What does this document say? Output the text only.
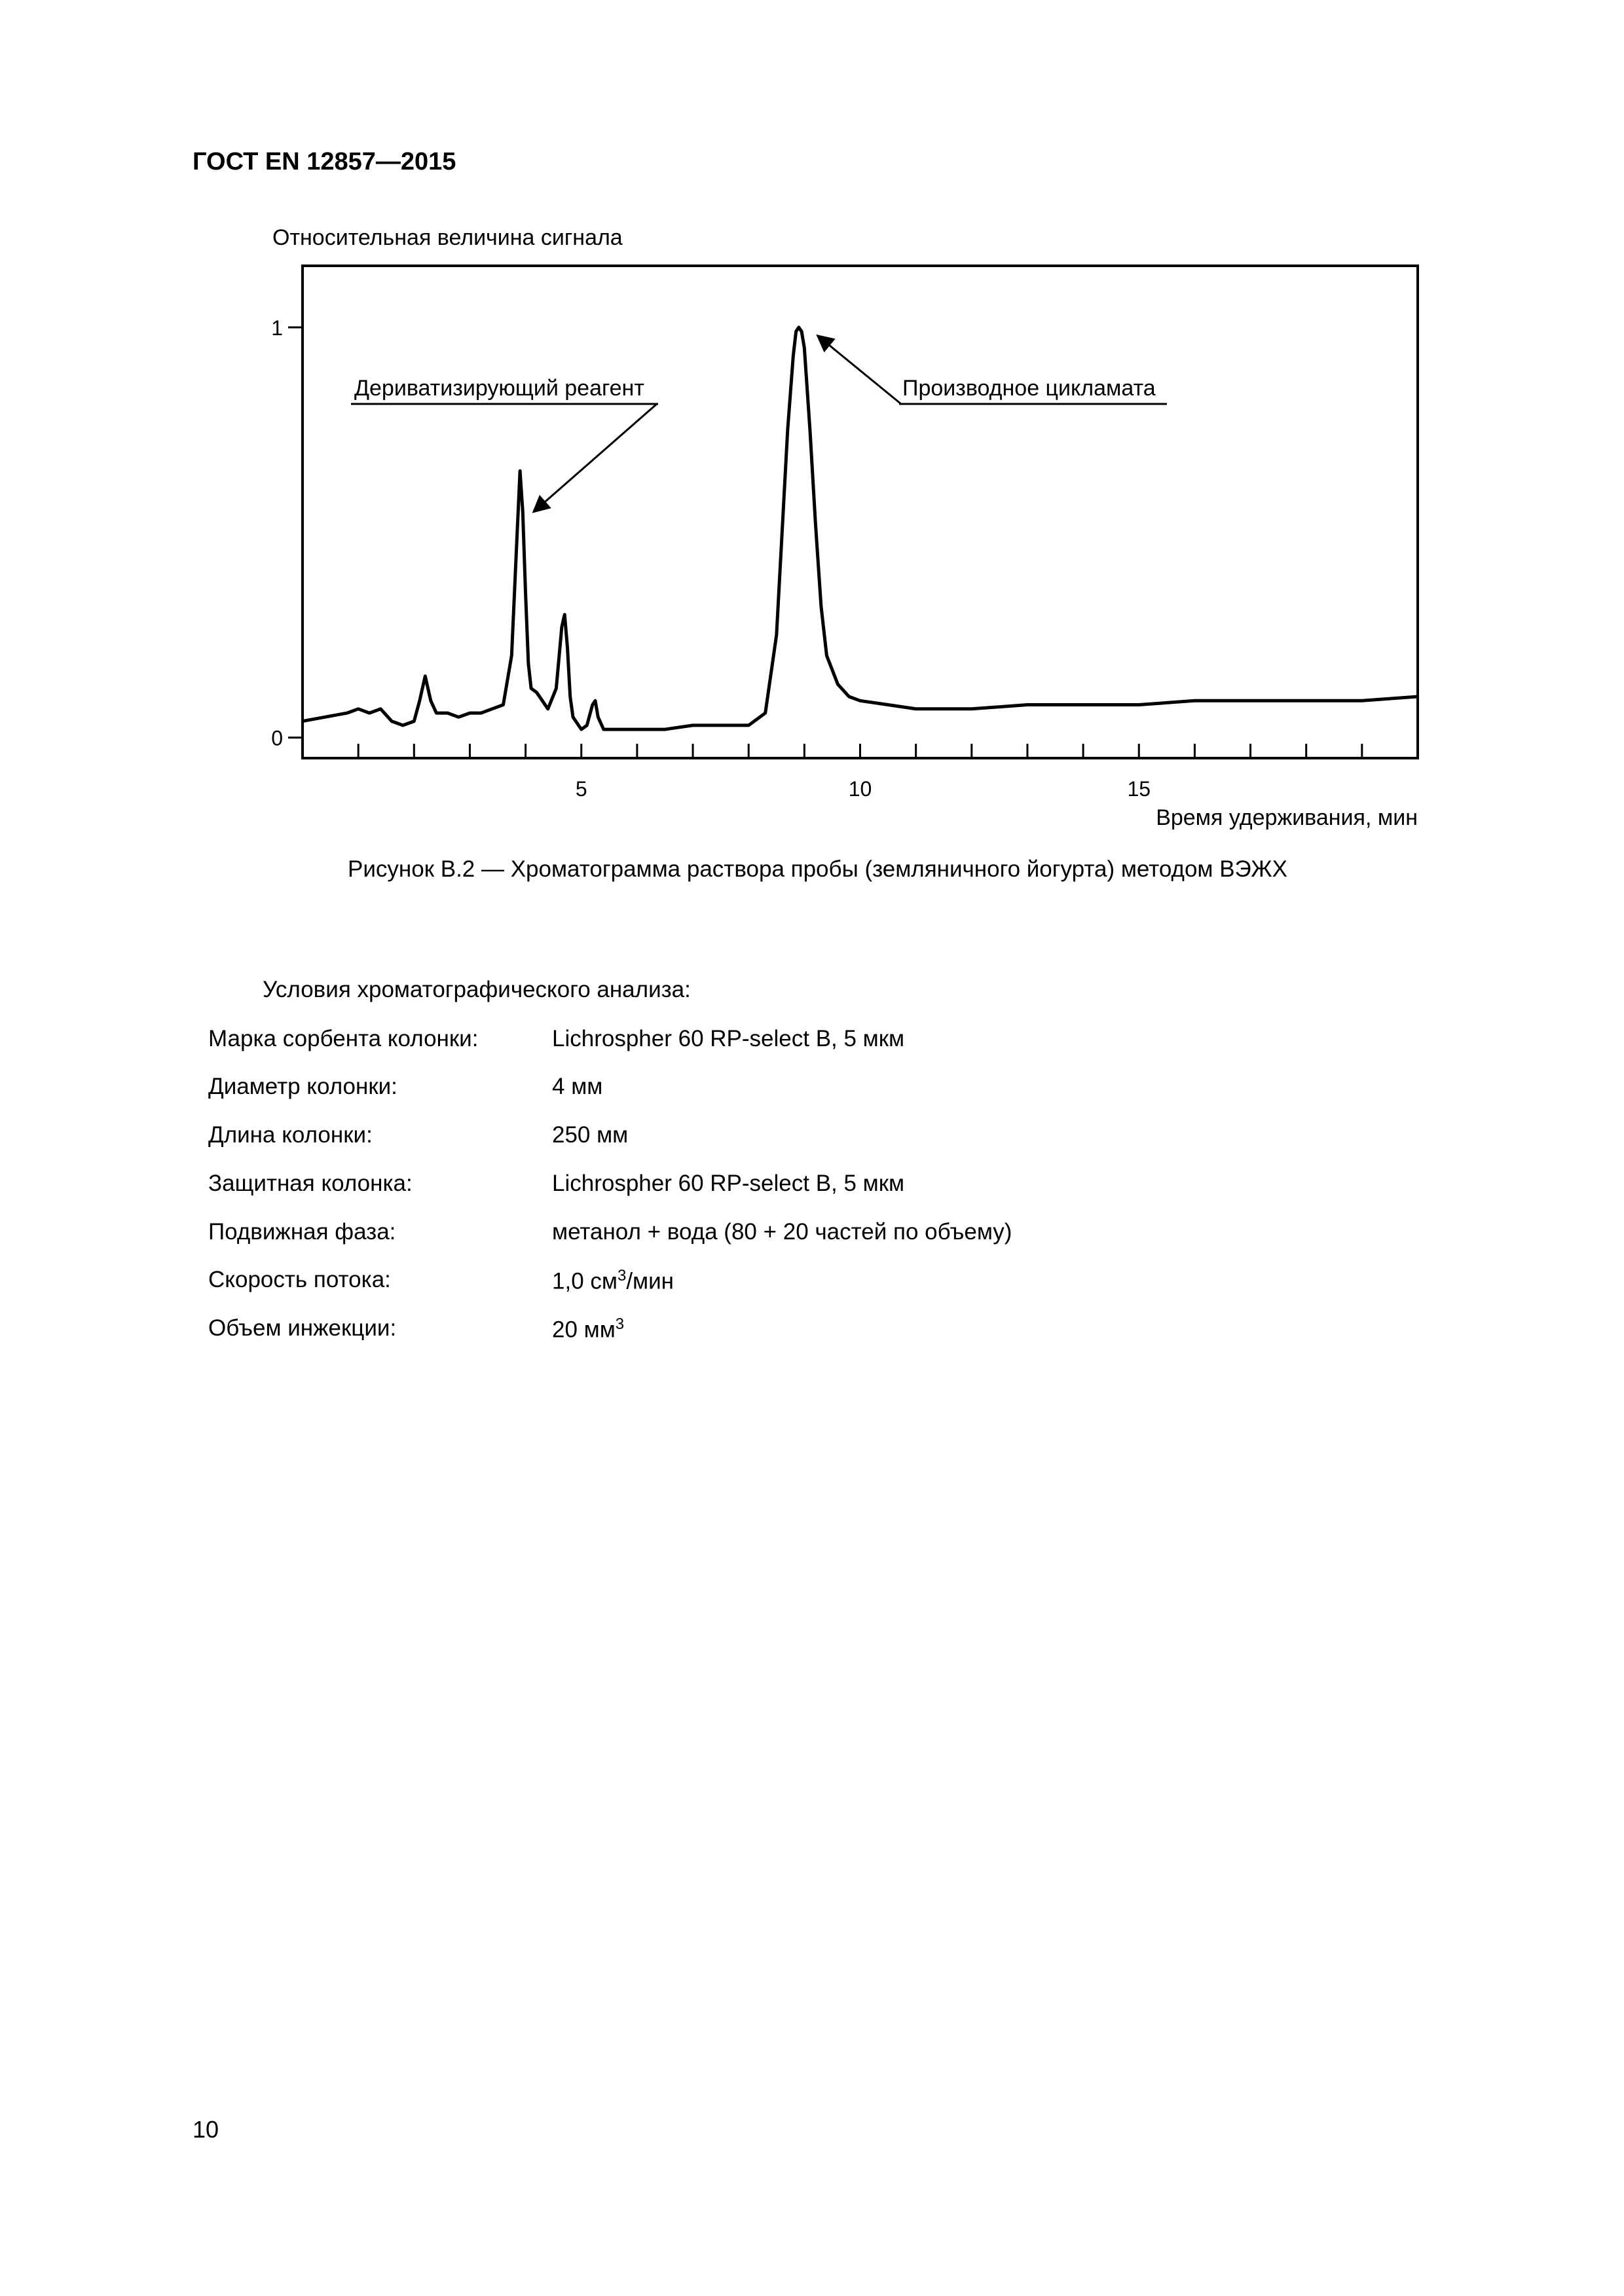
ГОСТ EN 12857—2015
Относительная величина сигнала
5	10	15
0
1
Дериватизирующий реагент	Производное цикламата
Время удерживания, мин
Рисунок В.2 — Хроматограмма раствора пробы (земляничного йогурта) методом ВЭЖХ
Условия хроматографического анализа:
Марка сорбента колонки:	Lichrospher 60 RP-select B, 5 мкм
Диаметр колонки:	4 мм
Длина колонки:	250 мм
Защитная колонка:	Lichrospher 60 RP-select B, 5 мкм
Подвижная фаза:	метанол + вода (80 + 20 частей по объему)
Скорость потока:	1,0 $см^3$/мин
Объем инжекции:	20 $мм^3$
10
